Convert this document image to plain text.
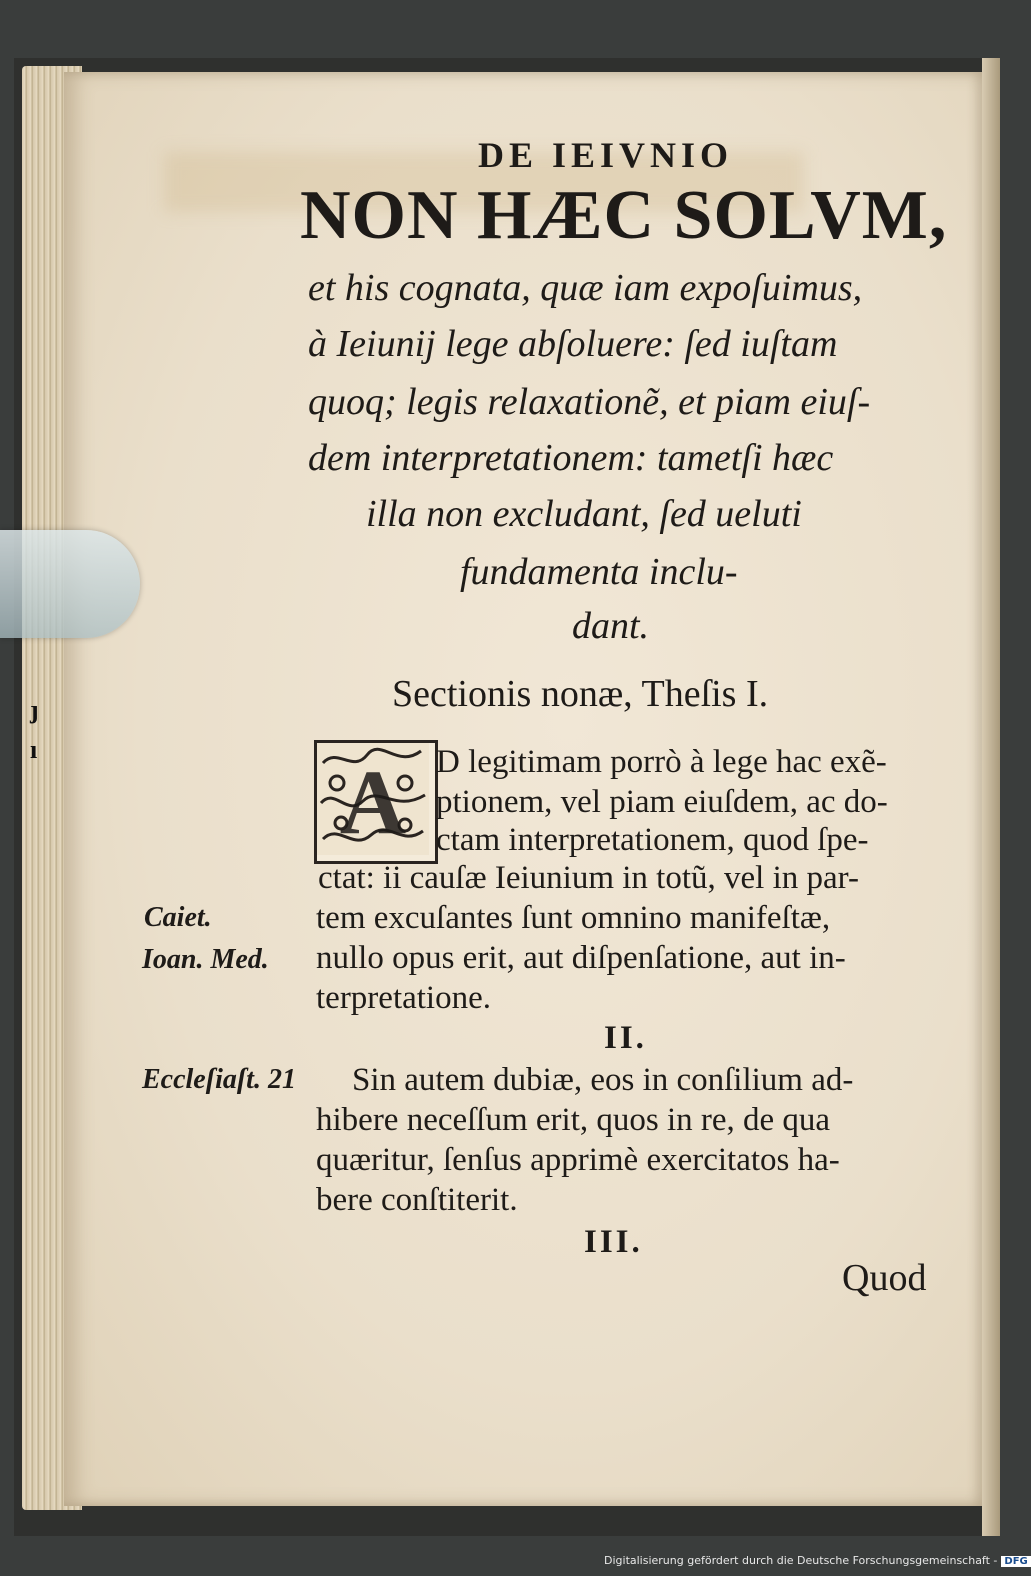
ȷ
ı
DE IEIVNIO
NON HÆC SOLVM,
et his cognata, quæ iam expoſuimus,
à Ieiunij lege abſoluere: ſed iuſtam
quoq; legis relaxationẽ, et piam eiuſ-
dem interpretationem: tametſi hæc
illa non excludant, ſed ueluti
fundamenta inclu-
dant.
Sectionis nonæ, Theſis I.
A D legitimam porrò à lege hac exẽ-
ptionem, vel piam eiuſdem, ac do-
ctam interpretationem, quod ſpe-
ctat: ii cauſæ Ieiunium in totũ, vel in par-
tem excuſantes ſunt omnino manifeſtæ,
nullo opus erit, aut diſpenſatione, aut in-
terpretatione.
II.
Sin autem dubiæ, eos in conſilium ad-
hibere neceſſum erit, quos in re, de qua
quæritur, ſenſus apprimè exercitatos ha-
bere conſtiterit.
III.
Quod
Caiet.
Ioan. Med.
Eccleſiaſt. 21
Digitalisierung gefördert durch die Deutsche Forschungsgemeinschaft - DFG
